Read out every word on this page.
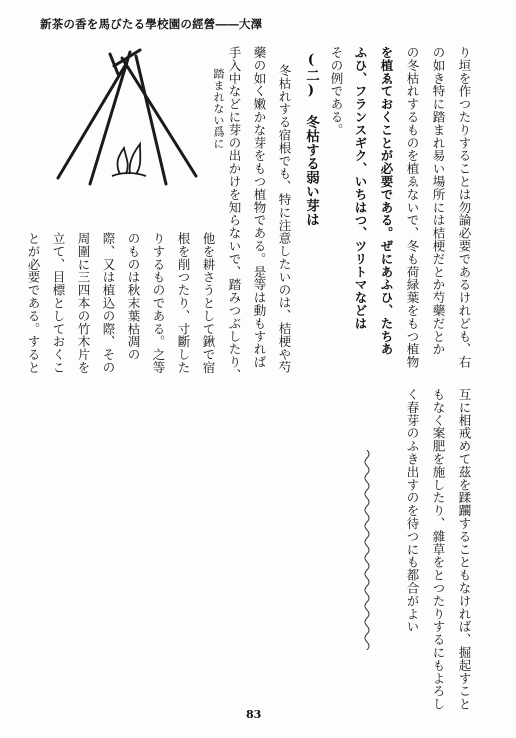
新茶の香を馬びたる學校園の經營――大澤
り垣を作つたりすることは勿論必要であるけれども、右
の如き特に踏まれ易い場所には桔梗だとか芍藥だとか
の冬枯れするものを植ゑないで、冬も荷緑葉をもつ植物
を植ゑておくことが必要である。ぜにあふひ、たちあ
ふひ、フランスギク、いちはつ、ツリトマなどは
その例である。
(二) 冬枯する弱い芽は
冬枯れする宿根でも、特に注意したいのは、桔梗や芍
藥の如く嫩かな芽をもつ植物である。是等は動もすれば
手入中などに芽の出かけを知らないで、踏みつぶしたり、
踏まれない爲に
他を耕さうとして鍬で宿
根を削つたり、寸斷した
りするものである。之等
のものは秋末葉枯凋の
際、又は植込の際、その
周圍に三四本の竹木片を
立て、目標としておくこ
とが必要である。すると
互に相戒めて茲を蹂躙することもなければ、掘起すこと
もなく案肥を施したり、雜草をとつたりするにもよろし
く春芽のふき出すのを待つにも都合がよい
83
